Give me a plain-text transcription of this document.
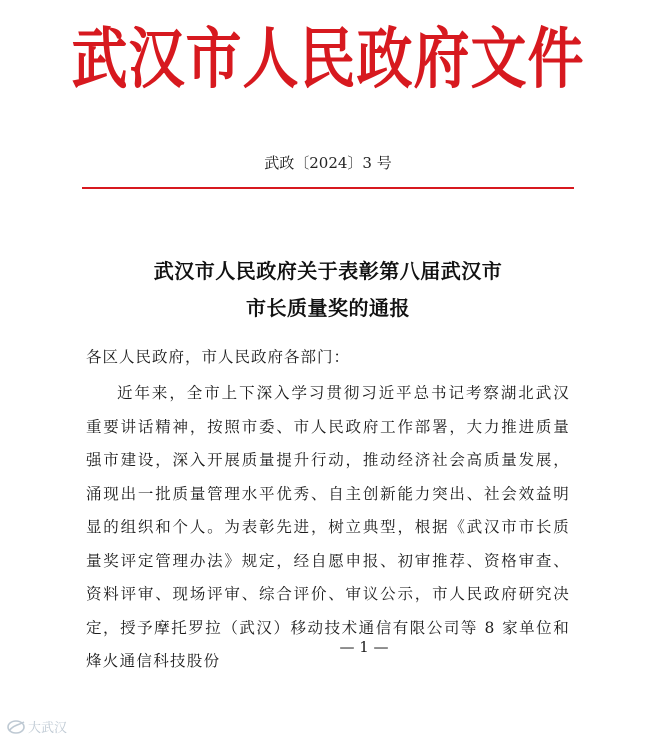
武汉市人民政府文件
武政〔2024〕3 号
武汉市人民政府关于表彰第八届武汉市
市长质量奖的通报
各区人民政府，市人民政府各部门：
近年来，全市上下深入学习贯彻习近平总书记考察湖北武汉重要讲话精神，按照市委、市人民政府工作部署，大力推进质量强市建设，深入开展质量提升行动，推动经济社会高质量发展，涌现出一批质量管理水平优秀、自主创新能力突出、社会效益明显的组织和个人。为表彰先进，树立典型，根据《武汉市市长质量奖评定管理办法》规定，经自愿申报、初审推荐、资格审查、资料评审、现场评审、综合评价、审议公示，市人民政府研究决定，授予摩托罗拉（武汉）移动技术通信有限公司等 8 家单位和烽火通信科技股份
— 1 —
大武汉
